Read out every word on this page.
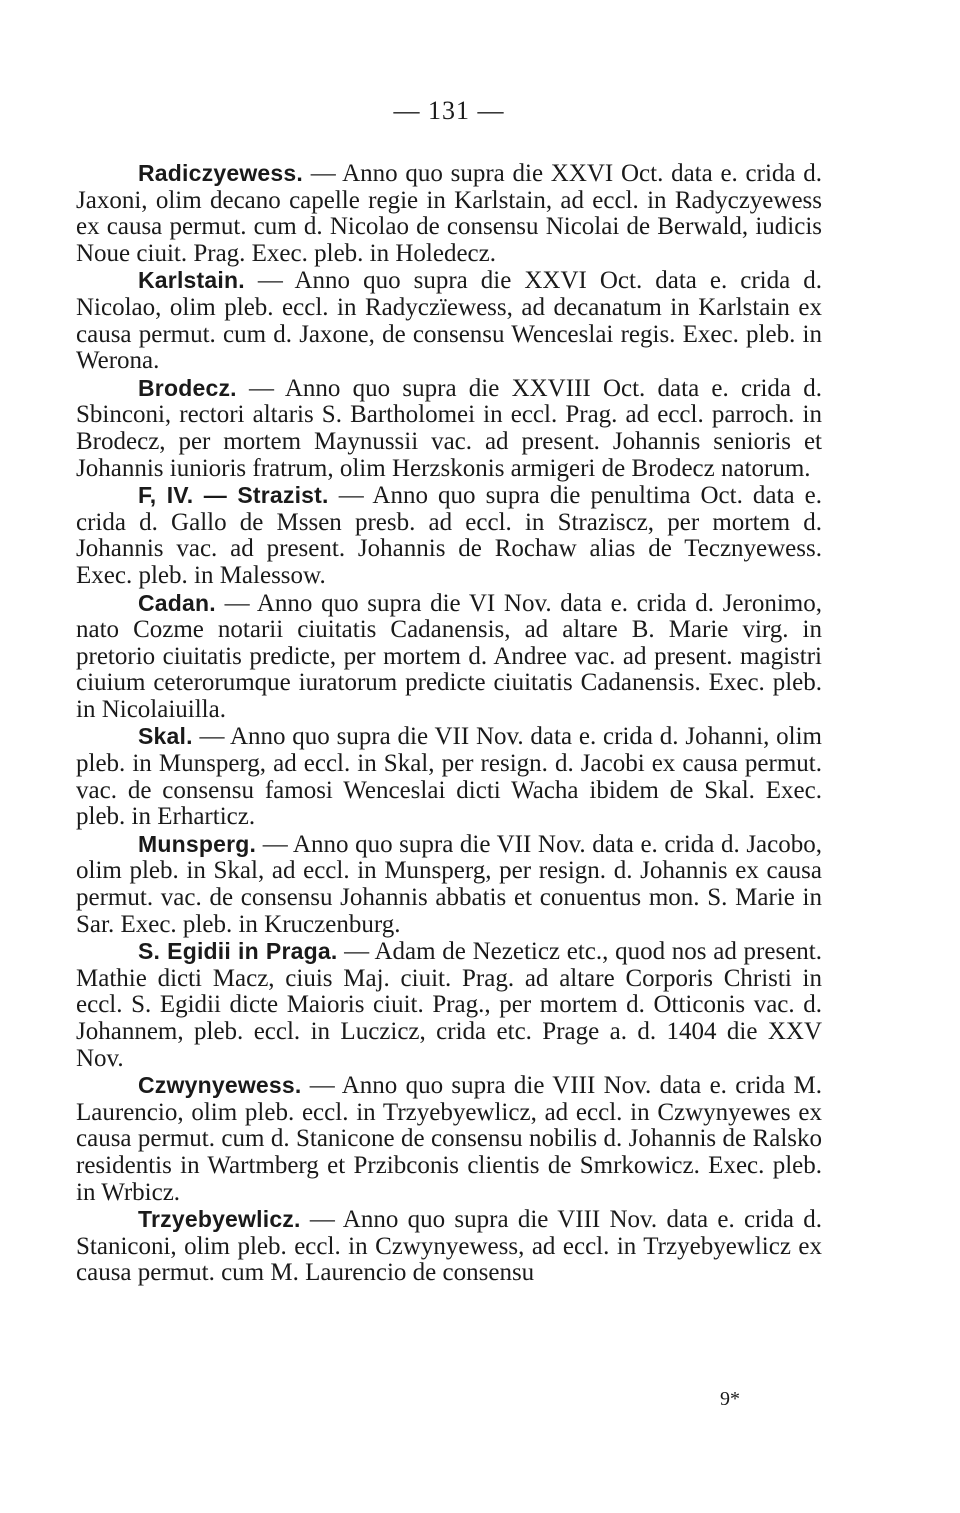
— 131 —

Radiczyewess. — Anno quo supra die XXVI Oct. data e. crida d. Jaxoni, olim decano capelle regie in Karlstain, ad eccl. in Radyczyewess ex causa permut. cum d. Nicolao de consensu Nicolai de Berwald, iudicis Noue ciuit. Prag. Exec. pleb. in Holedecz.

Karlstain. — Anno quo supra die XXVI Oct. data e. crida d. Nicolao, olim pleb. eccl. in Radyczïewess, ad decanatum in Karlstain ex causa permut. cum d. Jaxone, de consensu Wenceslai regis. Exec. pleb. in Werona.

Brodecz. — Anno quo supra die XXVIII Oct. data e. crida d. Sbinconi, rectori altaris S. Bartholomei in eccl. Prag. ad eccl. parroch. in Brodecz, per mortem Maynussii vac. ad present. Johannis senioris et Johannis iunioris fratrum, olim Herzskonis armigeri de Brodecz natorum.

F, IV. — Strazist. — Anno quo supra die penultima Oct. data e. crida d. Gallo de Mssen presb. ad eccl. in Straziscz, per mortem d. Johannis vac. ad present. Johannis de Rochaw alias de Tecznyewess. Exec. pleb. in Malessow.

Cadan. — Anno quo supra die VI Nov. data e. crida d. Jeronimo, nato Cozme notarii ciuitatis Cadanensis, ad altare B. Marie virg. in pretorio ciuitatis predicte, per mortem d. Andree vac. ad present. magistri ciuium ceterorumque iuratorum predicte ciuitatis Cadanensis. Exec. pleb. in Nicolaiuilla.

Skal. — Anno quo supra die VII Nov. data e. crida d. Johanni, olim pleb. in Munsperg, ad eccl. in Skal, per resign. d. Jacobi ex causa permut. vac. de consensu famosi Wenceslai dicti Wacha ibidem de Skal. Exec. pleb. in Erharticz.

Munsperg. — Anno quo supra die VII Nov. data e. crida d. Jacobo, olim pleb. in Skal, ad eccl. in Munsperg, per resign. d. Johannis ex causa permut. vac. de consensu Johannis abbatis et conuentus mon. S. Marie in Sar. Exec. pleb. in Kruczenburg.

S. Egidii in Praga. — Adam de Nezeticz etc., quod nos ad present. Mathie dicti Macz, ciuis Maj. ciuit. Prag. ad altare Corporis Christi in eccl. S. Egidii dicte Maioris ciuit. Prag., per mortem d. Otticonis vac. d. Johannem, pleb. eccl. in Luczicz, crida etc. Prage a. d. 1404 die XXV Nov.

Czwynyewess. — Anno quo supra die VIII Nov. data e. crida M. Laurencio, olim pleb. eccl. in Trzyebyewlicz, ad eccl. in Czwynyewes ex causa permut. cum d. Stanicone de consensu nobilis d. Johannis de Ralsko residentis in Wartmberg et Przibconis clientis de Smrkowicz. Exec. pleb. in Wrbicz.

Trzyebyewlicz. — Anno quo supra die VIII Nov. data e. crida d. Staniconi, olim pleb. eccl. in Czwynyewess, ad eccl. in Trzyebyewlicz ex causa permut. cum M. Laurencio de consensu

9*
